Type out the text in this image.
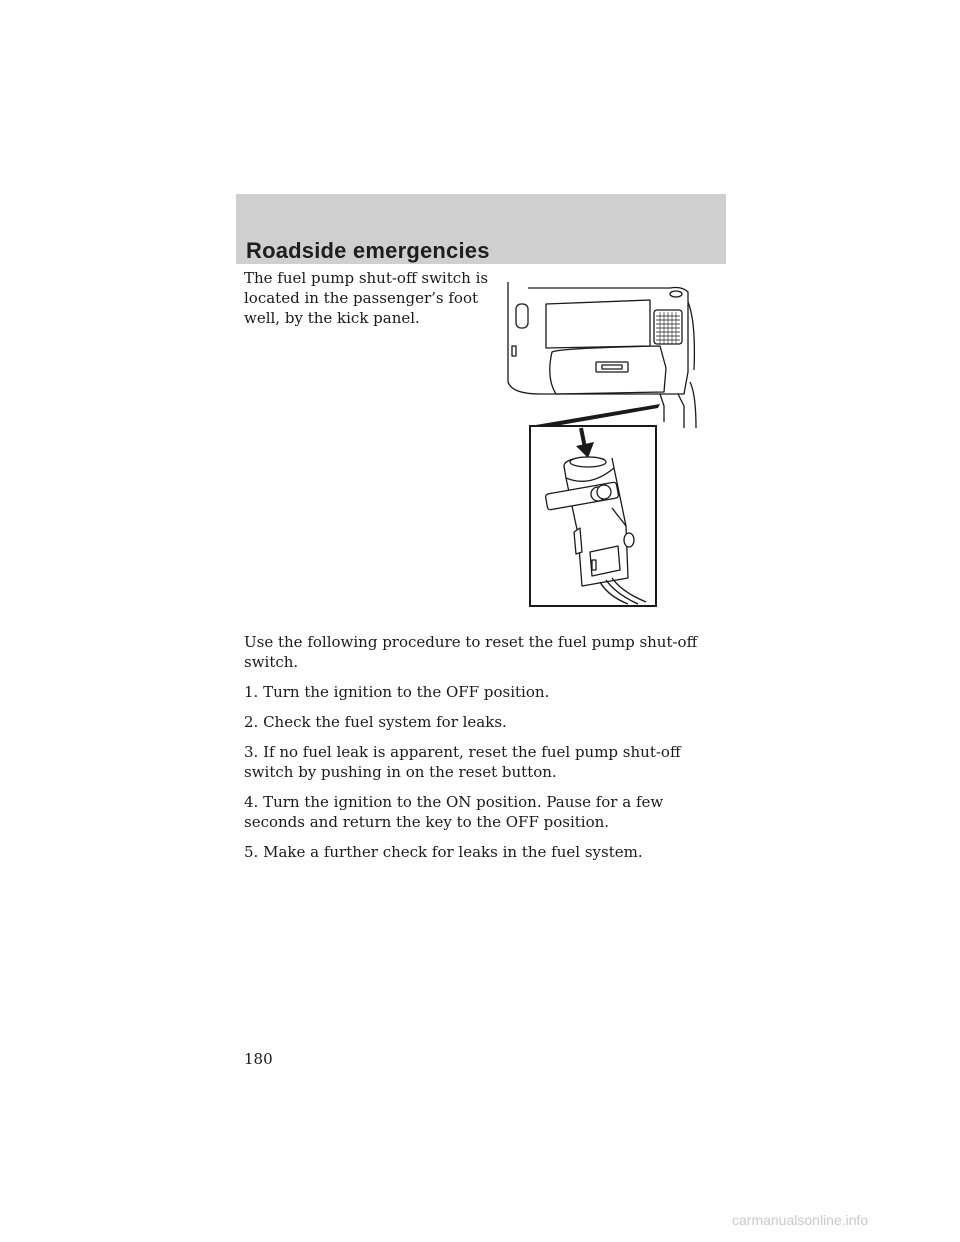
Roadside emergencies

The fuel pump shut-off switch is located in the passenger’s foot well, by the kick panel.

Use the following procedure to reset the fuel pump shut-off switch.

1. Turn the ignition to the OFF position.

2. Check the fuel system for leaks.

3. If no fuel leak is apparent, reset the fuel pump shut-off switch by pushing in on the reset button.

4. Turn the ignition to the ON position. Pause for a few seconds and return the key to the OFF position.

5. Make a further check for leaks in the fuel system.

180
carmanualsonline.info
